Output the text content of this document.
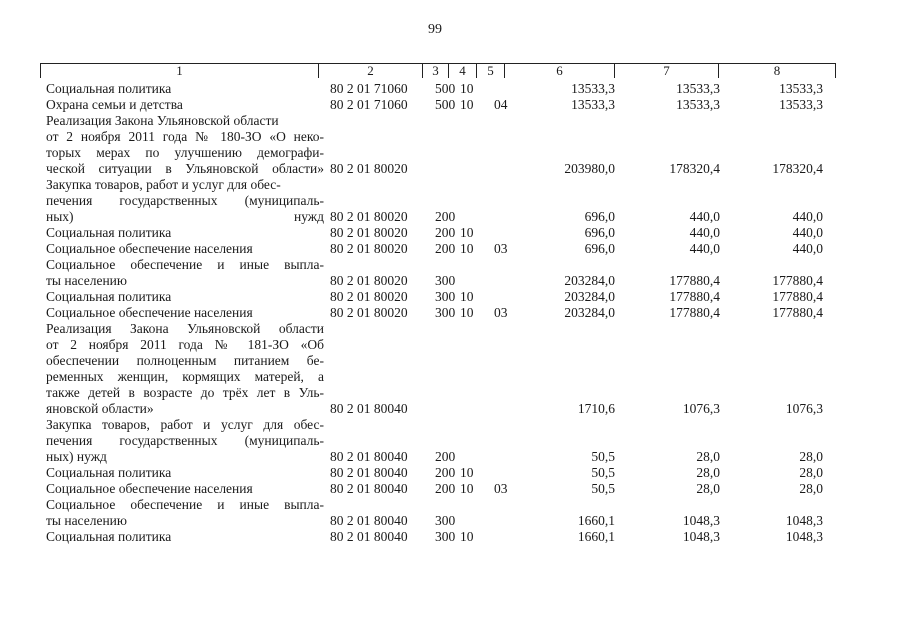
99
1	2	3	4	5	6	7	8
Социальная политика	80 2 01 71060 500 10	13533,3	13533,3	13533,3
Охрана семьи и детства	80 2 01 71060 500 10 04	13533,3	13533,3	13533,3
Реализация Закона Ульяновской области
от 2 ноября 2011 года № 180-ЗО «О неко-
торых мерах по улучшению демографи-
ческой ситуации в Ульяновской области» 80 2 01 80020	203980,0	178320,4	178320,4
Закупка товаров, работ и услуг для обес-
печения государственных (муниципаль-
ных) нужд 80 2 01 80020 200	696,0	440,0	440,0
Социальная политика	80 2 01 80020 200 10	696,0	440,0	440,0
Социальное обеспечение населения	80 2 01 80020 200 10 03	696,0	440,0	440,0
Социальное обеспечение и иные выпла-
ты населению	80 2 01 80020 300	203284,0	177880,4	177880,4
Социальная политика	80 2 01 80020 300 10	203284,0	177880,4	177880,4
Социальное обеспечение населения	80 2 01 80020 300 10 03	203284,0	177880,4	177880,4
Реализация Закона Ульяновской области
от 2 ноября 2011 года № 181-ЗО «Об
обеспечении полноценным питанием бе-
ременных женщин, кормящих матерей, а
также детей в возрасте до трёх лет в Уль-
яновской области»	80 2 01 80040	1710,6	1076,3	1076,3
Закупка товаров, работ и услуг для обес-
печения государственных (муниципаль-
ных) нужд	80 2 01 80040 200	50,5	28,0	28,0
Социальная политика	80 2 01 80040 200 10	50,5	28,0	28,0
Социальное обеспечение населения	80 2 01 80040 200 10 03	50,5	28,0	28,0
Социальное обеспечение и иные выпла-
ты населению	80 2 01 80040 300	1660,1	1048,3	1048,3
Социальная политика	80 2 01 80040 300 10	1660,1	1048,3	1048,3
